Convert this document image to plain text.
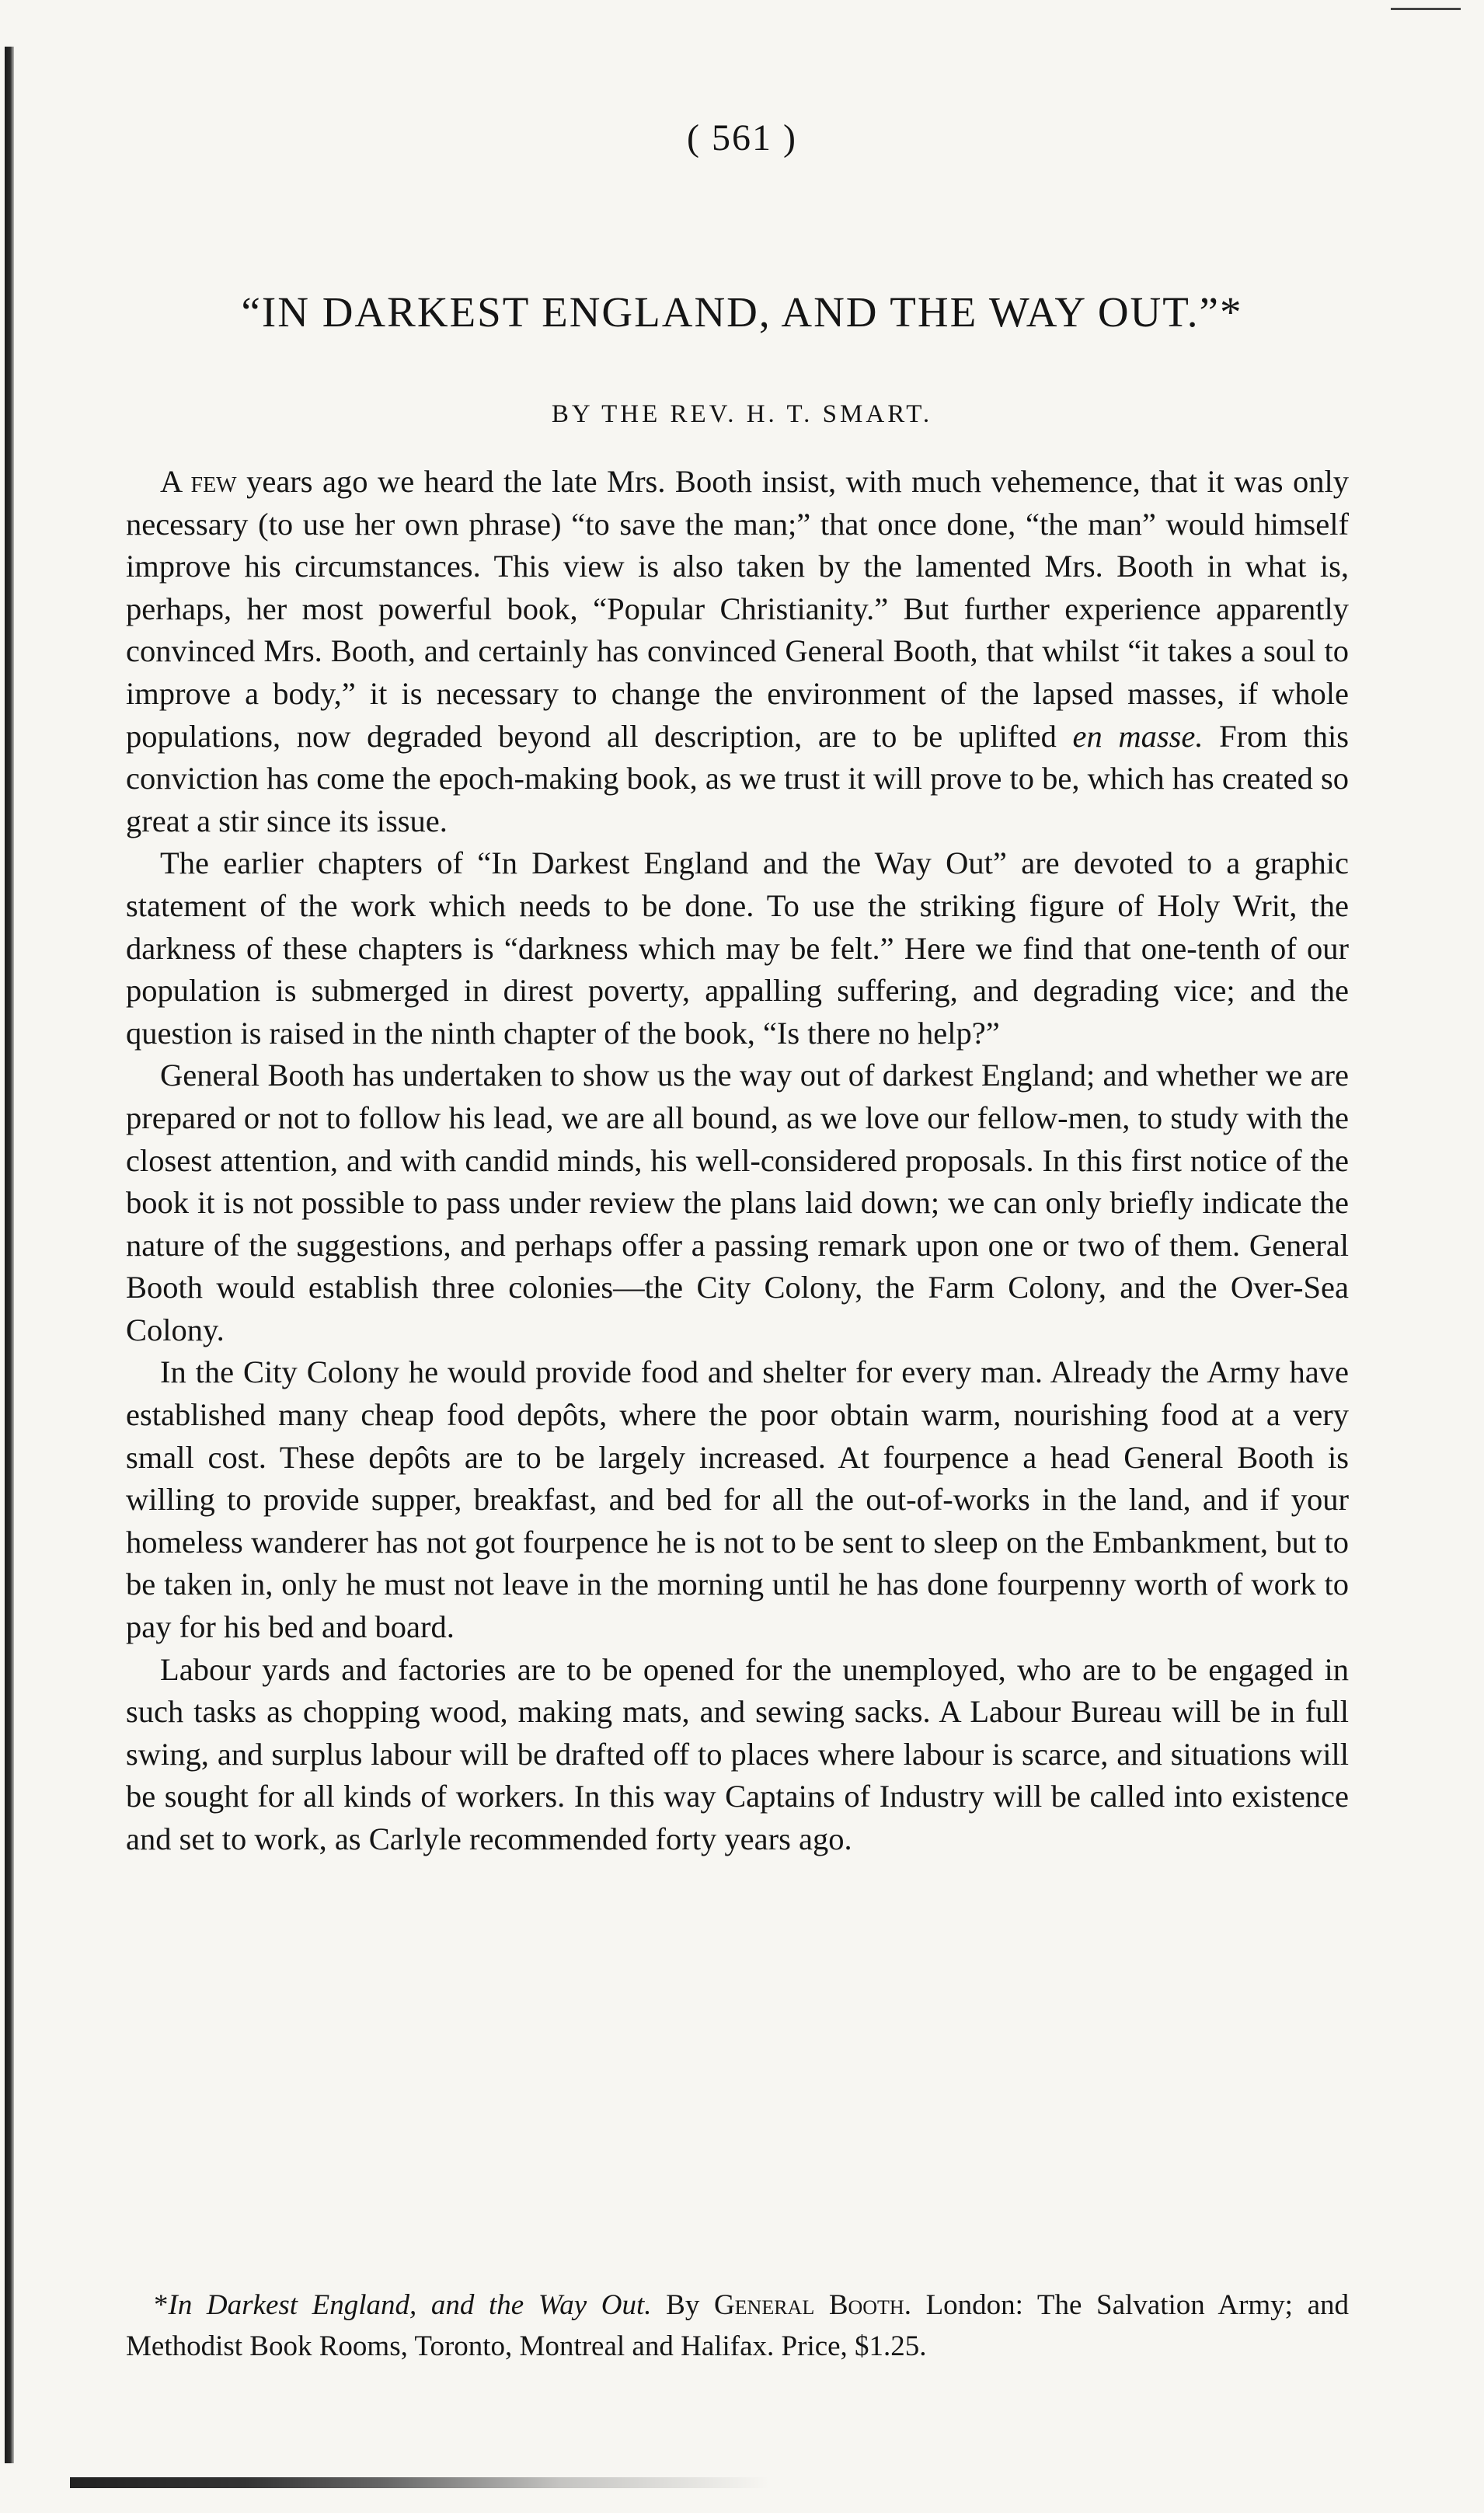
( 561 )
“IN DARKEST ENGLAND, AND THE WAY OUT.”*
BY THE REV. H. T. SMART.

A few years ago we heard the late Mrs. Booth insist, with much vehemence, that it was only necessary (to use her own phrase) “to save the man;” that once done, “the man” would himself improve his circumstances. This view is also taken by the lamented Mrs. Booth in what is, perhaps, her most powerful book, “Popular Christianity.” But further experience apparently convinced Mrs. Booth, and certainly has convinced General Booth, that whilst “it takes a soul to improve a body,” it is necessary to change the environment of the lapsed masses, if whole populations, now degraded beyond all description, are to be uplifted en masse. From this conviction has come the epoch-making book, as we trust it will prove to be, which has created so great a stir since its issue.

The earlier chapters of “In Darkest England and the Way Out” are devoted to a graphic statement of the work which needs to be done. To use the striking figure of Holy Writ, the darkness of these chapters is “darkness which may be felt.” Here we find that one-tenth of our population is submerged in direst poverty, appalling suffering, and degrading vice; and the question is raised in the ninth chapter of the book, “Is there no help?”

General Booth has undertaken to show us the way out of darkest England; and whether we are prepared or not to follow his lead, we are all bound, as we love our fellow-men, to study with the closest attention, and with candid minds, his well-considered proposals. In this first notice of the book it is not possible to pass under review the plans laid down; we can only briefly indicate the nature of the suggestions, and perhaps offer a passing remark upon one or two of them. General Booth would establish three colonies—the City Colony, the Farm Colony, and the Over-Sea Colony.

In the City Colony he would provide food and shelter for every man. Already the Army have established many cheap food depôts, where the poor obtain warm, nourishing food at a very small cost. These depôts are to be largely increased. At fourpence a head General Booth is willing to provide supper, breakfast, and bed for all the out-of-works in the land, and if your homeless wanderer has not got fourpence he is not to be sent to sleep on the Embankment, but to be taken in, only he must not leave in the morning until he has done fourpenny worth of work to pay for his bed and board.

Labour yards and factories are to be opened for the unemployed, who are to be engaged in such tasks as chopping wood, making mats, and sewing sacks. A Labour Bureau will be in full swing, and surplus labour will be drafted off to places where labour is scarce, and situations will be sought for all kinds of workers. In this way Captains of Industry will be called into existence and set to work, as Carlyle recommended forty years ago.

*In Darkest England, and the Way Out. By General Booth. London: The Salvation Army; and Methodist Book Rooms, Toronto, Montreal and Halifax. Price, $1.25.
